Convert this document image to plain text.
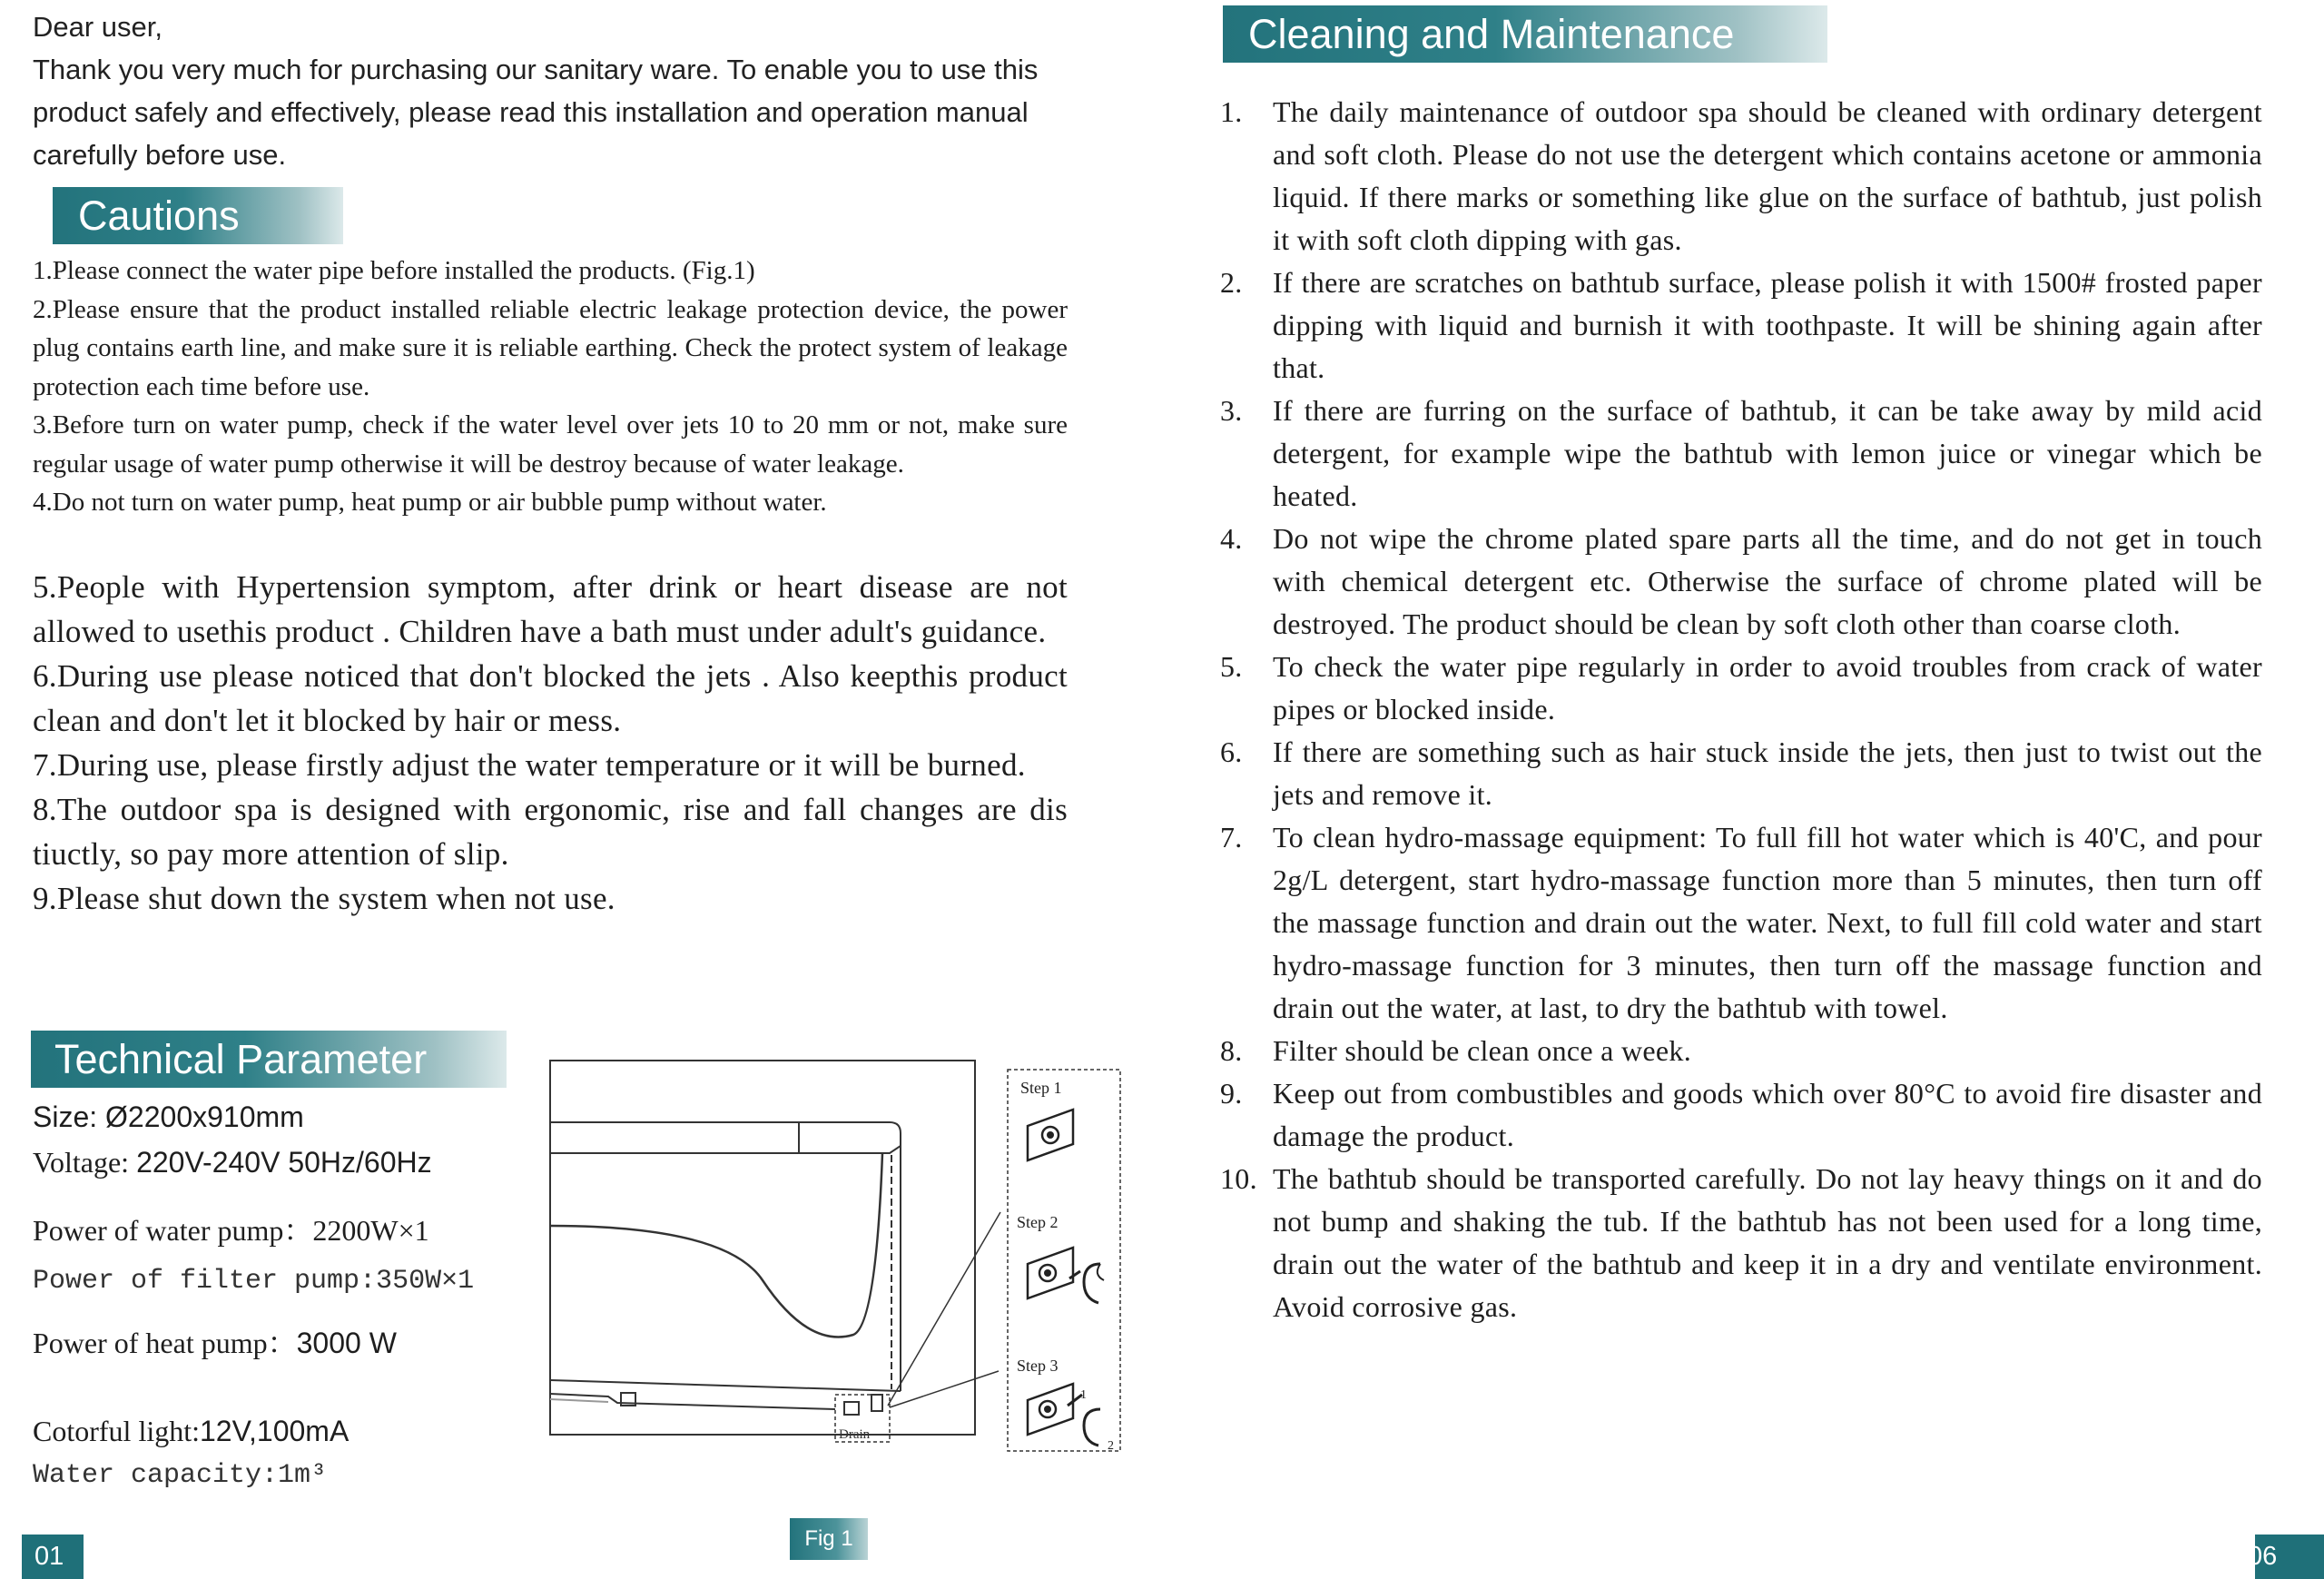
Dear user,

Thank you very much for purchasing our sanitary ware. To enable you to use this product safely and effectively, please read this installation and operation manual carefully before use.

Cautions

1.Please connect the water pipe before installed the products. (Fig.1)

2.Please ensure that the product installed reliable electric leakage protection device, the power plug contains earth line, and make sure it is reliable earthing. Check the protect system of leakage protection each time before use.

3.Before turn on water pump, check if the water level over jets 10 to 20 mm or not, make sure regular usage of water pump otherwise it will be destroy because of water leakage.

4.Do not turn on water pump, heat pump or air bubble pump without water.

5.People with Hypertension symptom, after drink or heart disease are not allowed to usethis product . Children have a bath must under adult's guidance.

6.During use please noticed that don't blocked the jets . Also keepthis product clean and don't let it blocked by hair or mess.

7.During use, please firstly adjust the water temperature or it will be burned.

8.The outdoor spa is designed with ergonomic, rise and fall changes are dis tiuctly, so pay more attention of slip.

9.Please shut down the system when not use.

Technical Parameter
Size: Ø2200x910mm
Voltage: 220V-240V 50Hz/60Hz
Power of water pump：2200W×1
Power of filter pump:350W×1
Power of heat pump：3000 W
Cotorful light:12V,100mA
Water capacity:1m³
Drain
Step 1
Step 2
Step 3
1
2
Fig 1
01
Cleaning and Maintenance
1.	The daily maintenance of outdoor spa should be cleaned with ordinary detergent and soft cloth. Please do not use the detergent which contains acetone or ammonia liquid. If there marks or something like glue on the surface of bathtub, just polish it with soft cloth dipping with gas.
2.	If there are scratches on bathtub surface, please polish it with 1500# frosted paper dipping with liquid and burnish it with toothpaste. It will be shining again after that.
3.	If there are furring on the surface of bathtub, it can be take away by mild acid detergent, for example wipe the bathtub with lemon juice or vinegar which be heated.
4.	Do not wipe the chrome plated spare parts all the time, and do not get in touch with chemical detergent etc. Otherwise the surface of chrome plated will be destroyed. The product should be clean by soft cloth other than coarse cloth.
5.	To check the water pipe regularly in order to avoid troubles from crack of water pipes or blocked inside.
6.	If there are something such as hair stuck inside the jets, then just to twist out the jets and remove it.
7.	To clean hydro-massage equipment: To full fill hot water which is 40'C, and pour 2g/L detergent, start hydro-massage function more than 5 minutes, then turn off the massage function and drain out the water. Next, to full fill cold water and start hydro-massage function for 3 minutes, then turn off the massage function and drain out the water, at last, to dry the bathtub with towel.
8.	Filter should be clean once a week.
9.	Keep out from combustibles and goods which over 80°C to avoid fire disaster and damage the product.
10. The bathtub should be transported carefully. Do not lay heavy things on it and do not bump and shaking the tub. If the bathtub has not been used for a long time, drain out the water of the bathtub and keep it in a dry and ventilate environment. Avoid corrosive gas.
06
